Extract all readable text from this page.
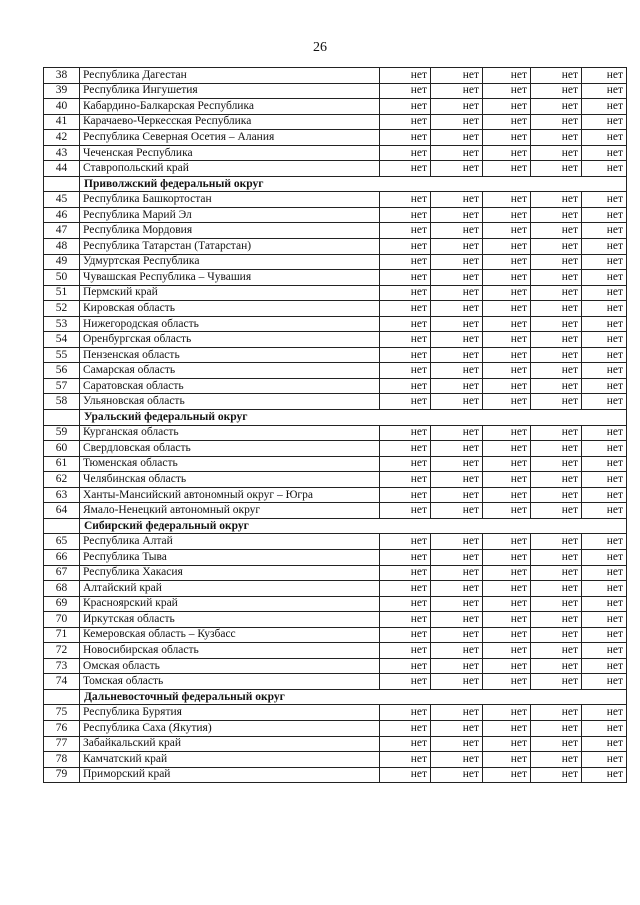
26
38	Республика Дагестан	нет	нет	нет	нет	нет
39	Республика Ингушетия	нет	нет	нет	нет	нет
40	Кабардино-Балкарская Республика	нет	нет	нет	нет	нет
41	Карачаево-Черкесская Республика	нет	нет	нет	нет	нет
42	Республика Северная Осетия – Алания	нет	нет	нет	нет	нет
43	Чеченская Республика	нет	нет	нет	нет	нет
44	Ставропольский край	нет	нет	нет	нет	нет
	Приволжский федеральный округ					
45	Республика Башкортостан	нет	нет	нет	нет	нет
46	Республика Марий Эл	нет	нет	нет	нет	нет
47	Республика Мордовия	нет	нет	нет	нет	нет
48	Республика Татарстан (Татарстан)	нет	нет	нет	нет	нет
49	Удмуртская Республика	нет	нет	нет	нет	нет
50	Чувашская Республика – Чувашия	нет	нет	нет	нет	нет
51	Пермский край	нет	нет	нет	нет	нет
52	Кировская область	нет	нет	нет	нет	нет
53	Нижегородская область	нет	нет	нет	нет	нет
54	Оренбургская область	нет	нет	нет	нет	нет
55	Пензенская область	нет	нет	нет	нет	нет
56	Самарская область	нет	нет	нет	нет	нет
57	Саратовская область	нет	нет	нет	нет	нет
58	Ульяновская область	нет	нет	нет	нет	нет
	Уральский федеральный округ					
59	Курганская область	нет	нет	нет	нет	нет
60	Свердловская область	нет	нет	нет	нет	нет
61	Тюменская область	нет	нет	нет	нет	нет
62	Челябинская область	нет	нет	нет	нет	нет
63	Ханты-Мансийский автономный округ – Югра	нет	нет	нет	нет	нет
64	Ямало-Ненецкий автономный округ	нет	нет	нет	нет	нет
	Сибирский федеральный округ					
65	Республика Алтай	нет	нет	нет	нет	нет
66	Республика Тыва	нет	нет	нет	нет	нет
67	Республика Хакасия	нет	нет	нет	нет	нет
68	Алтайский край	нет	нет	нет	нет	нет
69	Красноярский край	нет	нет	нет	нет	нет
70	Иркутская область	нет	нет	нет	нет	нет
71	Кемеровская область – Кузбасс	нет	нет	нет	нет	нет
72	Новосибирская область	нет	нет	нет	нет	нет
73	Омская область	нет	нет	нет	нет	нет
74	Томская область	нет	нет	нет	нет	нет
	Дальневосточный федеральный округ					
75	Республика Бурятия	нет	нет	нет	нет	нет
76	Республика Саха (Якутия)	нет	нет	нет	нет	нет
77	Забайкальский край	нет	нет	нет	нет	нет
78	Камчатский край	нет	нет	нет	нет	нет
79	Приморский край	нет	нет	нет	нет	нет
